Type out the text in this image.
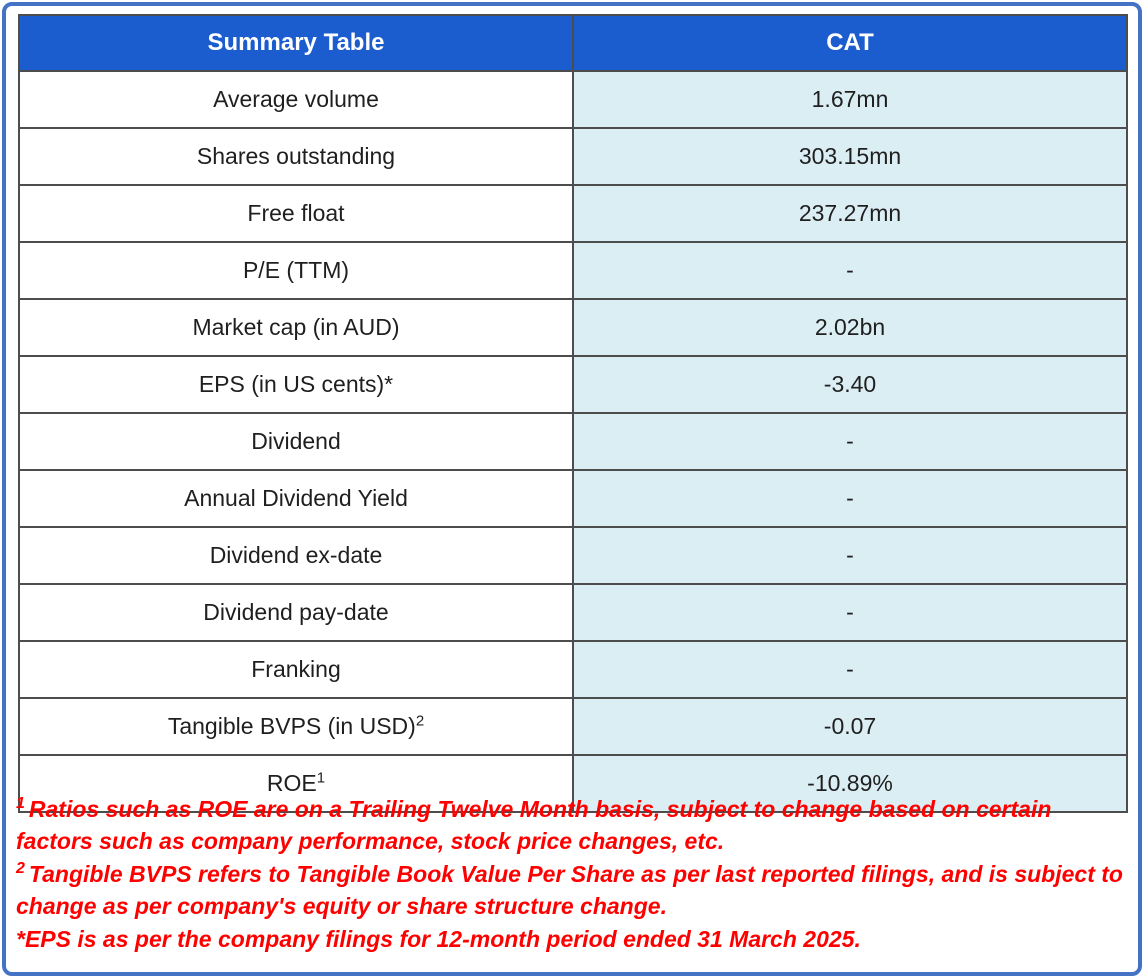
Summary Table	CAT
Average volume	1.67mn
Shares outstanding	303.15mn
Free float	237.27mn
P/E (TTM)	-
Market cap (in AUD)	2.02bn
EPS (in US cents)*	-3.40
Dividend	-
Annual Dividend Yield	-
Dividend ex-date	-
Dividend pay-date	-
Franking	-
Tangible BVPS (in USD)$^2$	-0.07
ROE$^1$	-10.89%

$^1$ Ratios such as ROE are on a Trailing Twelve Month basis, subject to change based on certain factors such as company performance, stock price changes, etc.

$^2$ Tangible BVPS refers to Tangible Book Value Per Share as per last reported filings, and is subject to change as per company's equity or share structure change.

*EPS is as per the company filings for 12-month period ended 31 March 2025.
